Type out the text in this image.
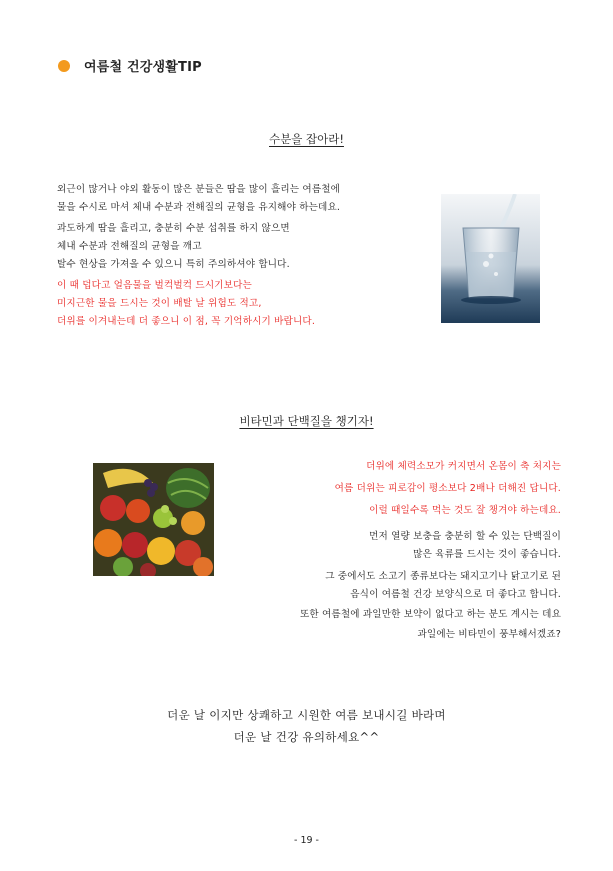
여름철 건강생활TIP
수분을 잡아라!
외근이 많거나 야외 활동이 많은 분들은 땀을 많이 흘리는 여름철에
물을 수시로 마셔 체내 수분과 전해질의 균형을 유지해야 하는데요.
과도하게 땀을 흘리고, 충분히 수분 섭취를 하지 않으면
체내 수분과 전해질의 균형을 깨고
탈수 현상을 가져올 수 있으니 특히 주의하셔야 합니다.
이 때 덥다고 얼음물을 벌컥벌컥 드시기보다는
미지근한 물을 드시는 것이 배탈 날 위험도 적고,
더위를 이겨내는데 더 좋으니 이 점, 꼭 기억하시기 바랍니다.
비타민과 단백질을 챙기자!
더위에 체력소모가 커지면서 온몸이 축 처지는
여름 더위는 피로감이 평소보다 2배나 더해진 답니다.
이럴 때일수록 먹는 것도 잘 챙겨야 하는데요.
먼저 열량 보충을 충분히 할 수 있는 단백질이
많은 육류를 드시는 것이 좋습니다.
그 중에서도 소고기 종류보다는 돼지고기나 닭고기로 된
음식이 여름철 건강 보양식으로 더 좋다고 합니다.
또한 여름철에 과일만한 보약이 없다고 하는 분도 계시는 데요
과일에는 비타민이 풍부해서겠죠?
더운 날 이지만 상쾌하고 시원한 여름 보내시길 바라며
더운 날 건강 유의하세요^^
- 19 -
